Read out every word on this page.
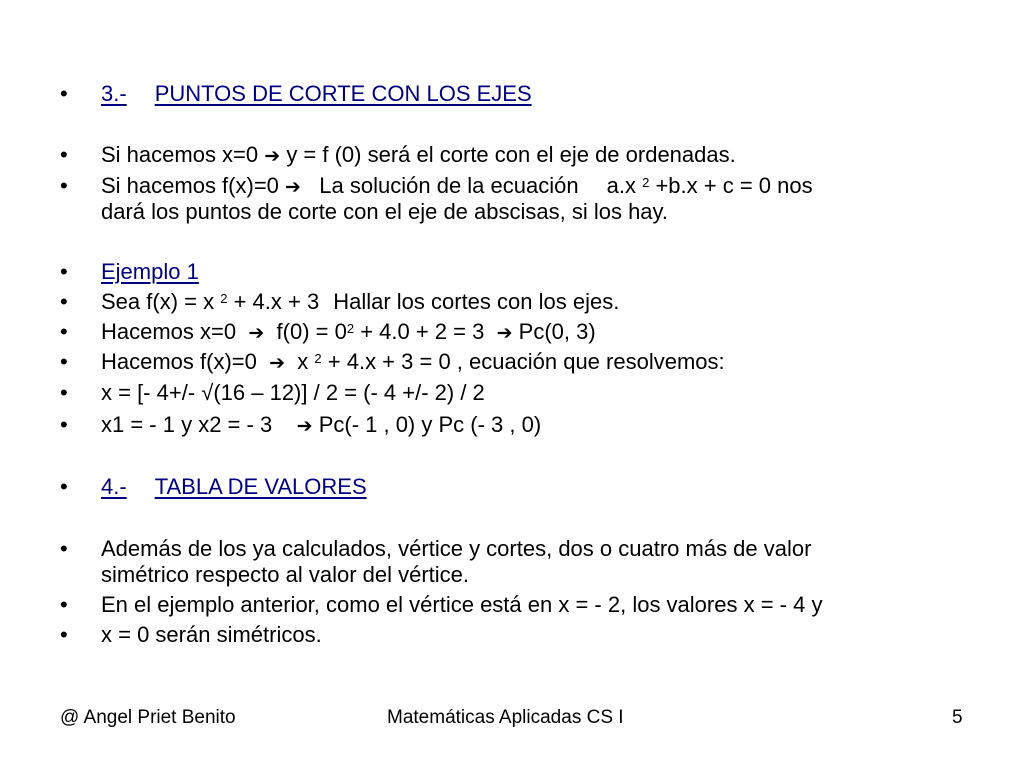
•	3.- PUNTOS DE CORTE CON LOS EJES
•	Si hacemos x=0 ➔ y = f (0) será el corte con el eje de ordenadas.
•	Si hacemos f(x)=0 ➔ La solución de la ecuación a.x $^2$ +b.x + c = 0 nos
dará los puntos de corte con el eje de abscisas, si los hay.
•	Ejemplo 1
•	Sea f(x) = x $^2$ + 4.x + 3 Hallar los cortes con los ejes.
•	Hacemos x=0 ➔ $f(0) = 0^2 + 4.0 + 2 = 3$ ➔ Pc(0, 3)
•	Hacemos f(x)=0 ➔ x $^2$ + 4.x + 3 = 0 , ecuación que resolvemos:
•	x = [- 4+/- √(16 – 12)] / 2 = (- 4 +/- 2) / 2
•	x1 = - 1 y x2 = - 3 ➔ Pc(- 1 , 0) y Pc (- 3 , 0)
•	4.- TABLA DE VALORES
•	Además de los ya calculados, vértice y cortes, dos o cuatro más de valor
simétrico respecto al valor del vértice.
•	En el ejemplo anterior, como el vértice está en x = - 2, los valores x = - 4 y
•	x = 0 serán simétricos.
@ Angel Priet Benito	Matemáticas Aplicadas CS I	5
